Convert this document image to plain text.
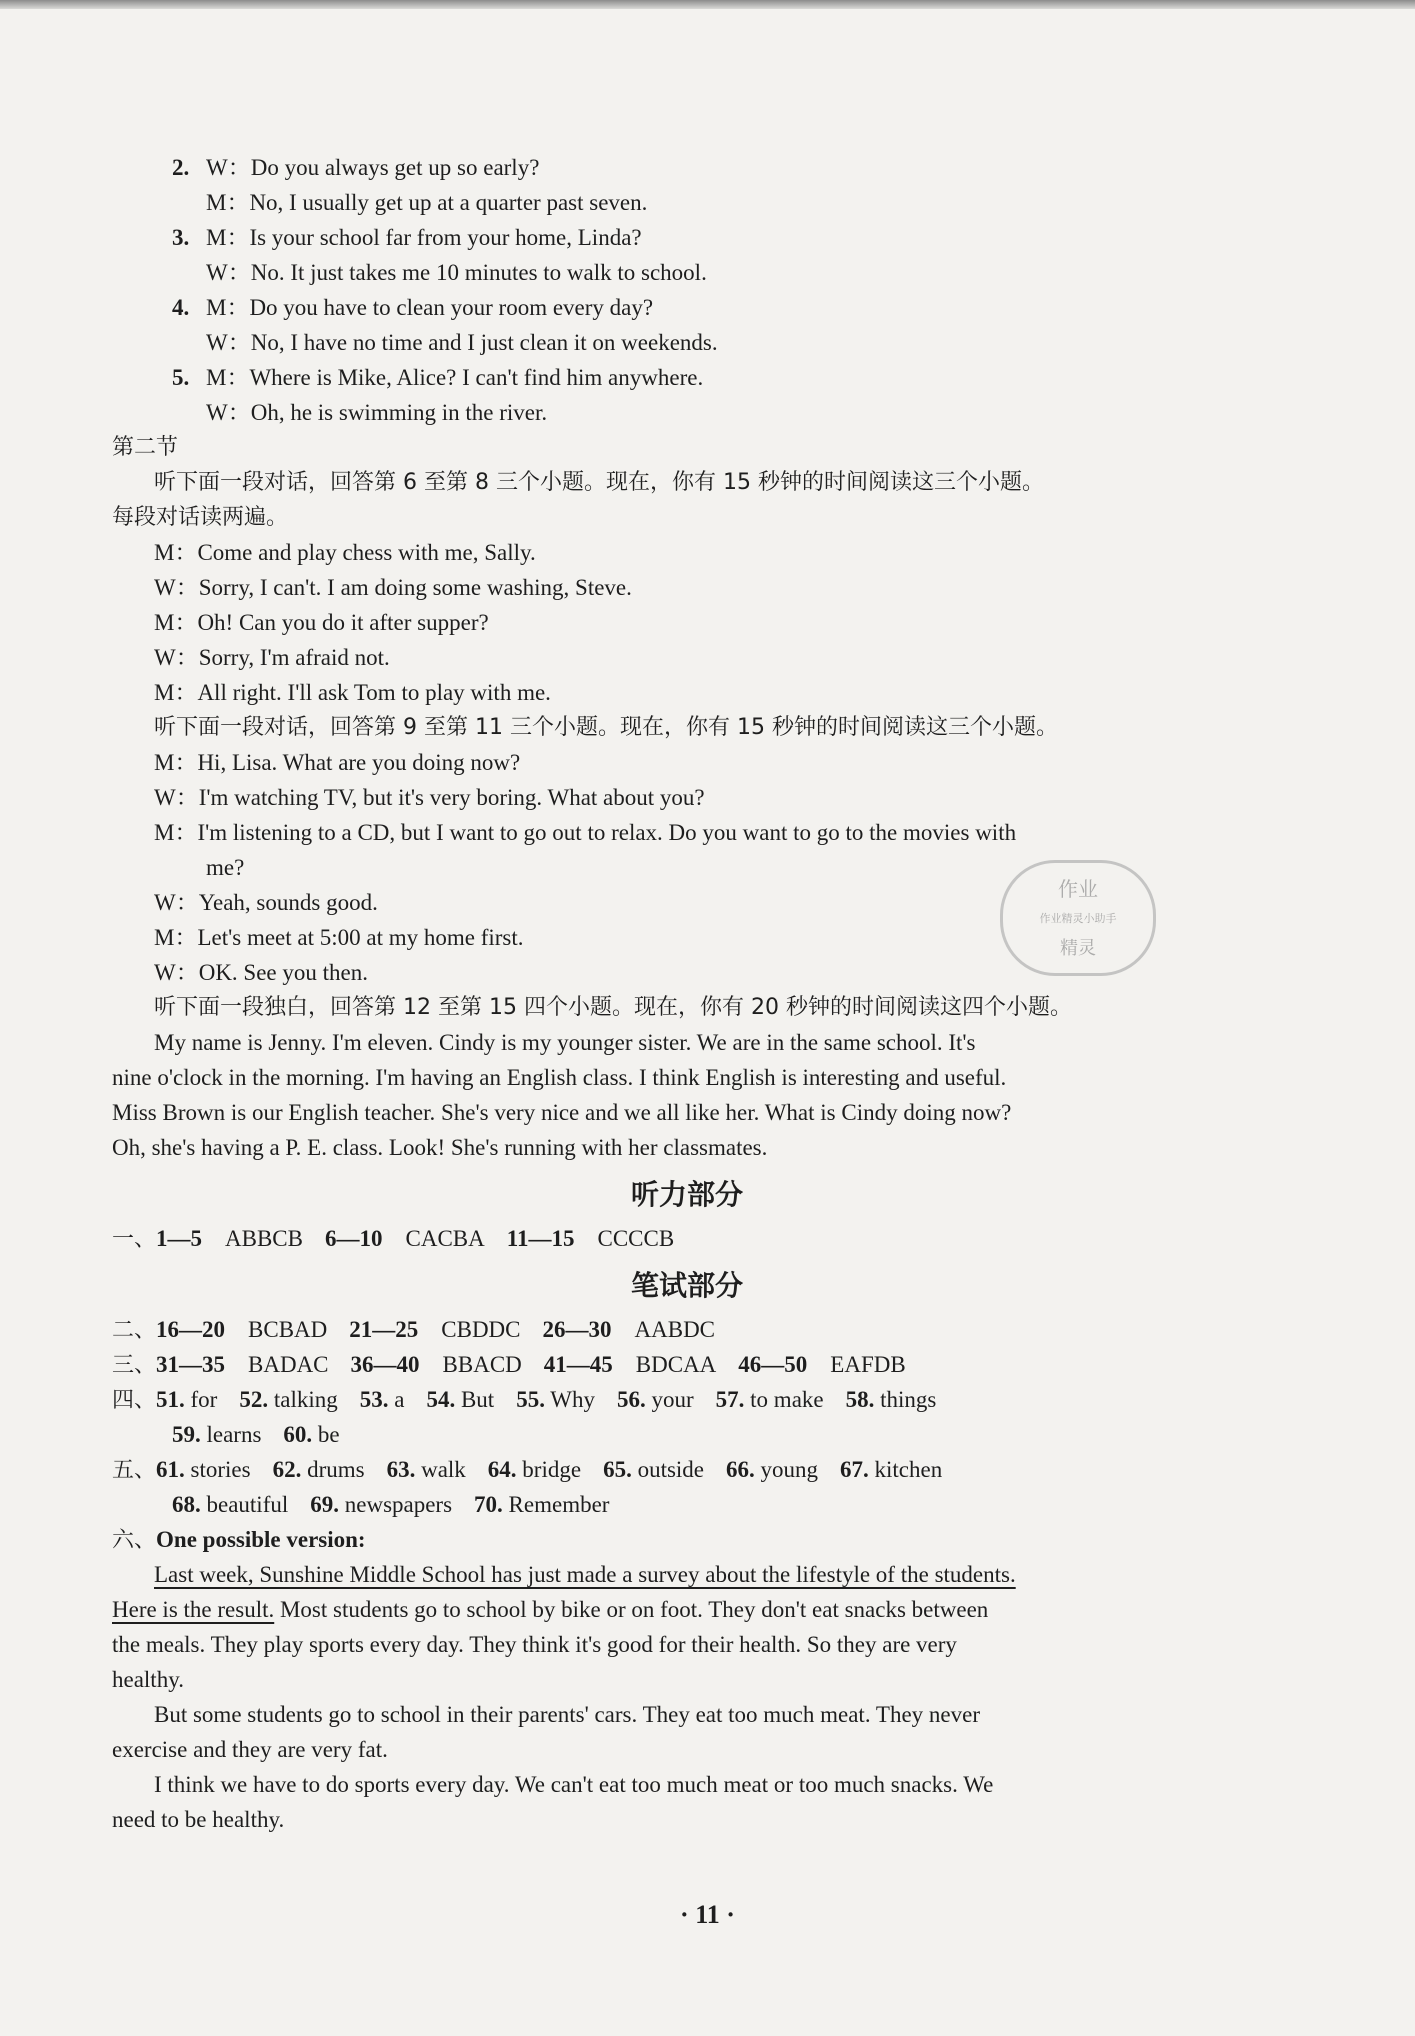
2. W：Do you always get up so early?
M：No, I usually get up at a quarter past seven.
3. M：Is your school far from your home, Linda?
W：No. It just takes me 10 minutes to walk to school.
4. M：Do you have to clean your room every day?
W：No, I have no time and I just clean it on weekends.
5. M：Where is Mike, Alice? I can't find him anywhere.
W：Oh, he is swimming in the river.
第二节
听下面一段对话，回答第 6 至第 8 三个小题。现在，你有 15 秒钟的时间阅读这三个小题。
每段对话读两遍。
M：Come and play chess with me, Sally.
W：Sorry, I can't. I am doing some washing, Steve.
M：Oh! Can you do it after supper?
W：Sorry, I'm afraid not.
M：All right. I'll ask Tom to play with me.
听下面一段对话，回答第 9 至第 11 三个小题。现在，你有 15 秒钟的时间阅读这三个小题。
M：Hi, Lisa. What are you doing now?
W：I'm watching TV, but it's very boring. What about you?
M：I'm listening to a CD, but I want to go out to relax. Do you want to go to the movies with
me?
W：Yeah, sounds good.
M：Let's meet at 5:00 at my home first.
W：OK. See you then.
听下面一段独白，回答第 12 至第 15 四个小题。现在，你有 20 秒钟的时间阅读这四个小题。
My name is Jenny. I'm eleven. Cindy is my younger sister. We are in the same school. It's
nine o'clock in the morning. I'm having an English class. I think English is interesting and useful.
Miss Brown is our English teacher. She's very nice and we all like her. What is Cindy doing now?
Oh, she's having a P. E. class. Look! She's running with her classmates.
听力部分
一、1—5  ABBCB 6—10  CACBA 11—15  CCCCB
笔试部分
二、16—20  BCBAD 21—25  CBDDC 26—30  AABDC
三、31—35  BADAC 36—40  BBACD 41—45  BDCAA 46—50  EAFDB
四、51. for 52. talking 53. a 54. But 55. Why 56. your 57. to make 58. things
59. learns 60. be
五、61. stories 62. drums 63. walk 64. bridge 65. outside 66. young 67. kitchen
68. beautiful 69. newspapers 70. Remember
六、One possible version:
Last week, Sunshine Middle School has just made a survey about the lifestyle of the students.
Here is the result. Most students go to school by bike or on foot. They don't eat snacks between
the meals. They play sports every day. They think it's good for their health. So they are very
healthy.
But some students go to school in their parents' cars. They eat too much meat. They never
exercise and they are very fat.
I think we have to do sports every day. We can't eat too much meat or too much snacks. We
need to be healthy.
作业
作业精灵小助手
精灵
· 11 ·
